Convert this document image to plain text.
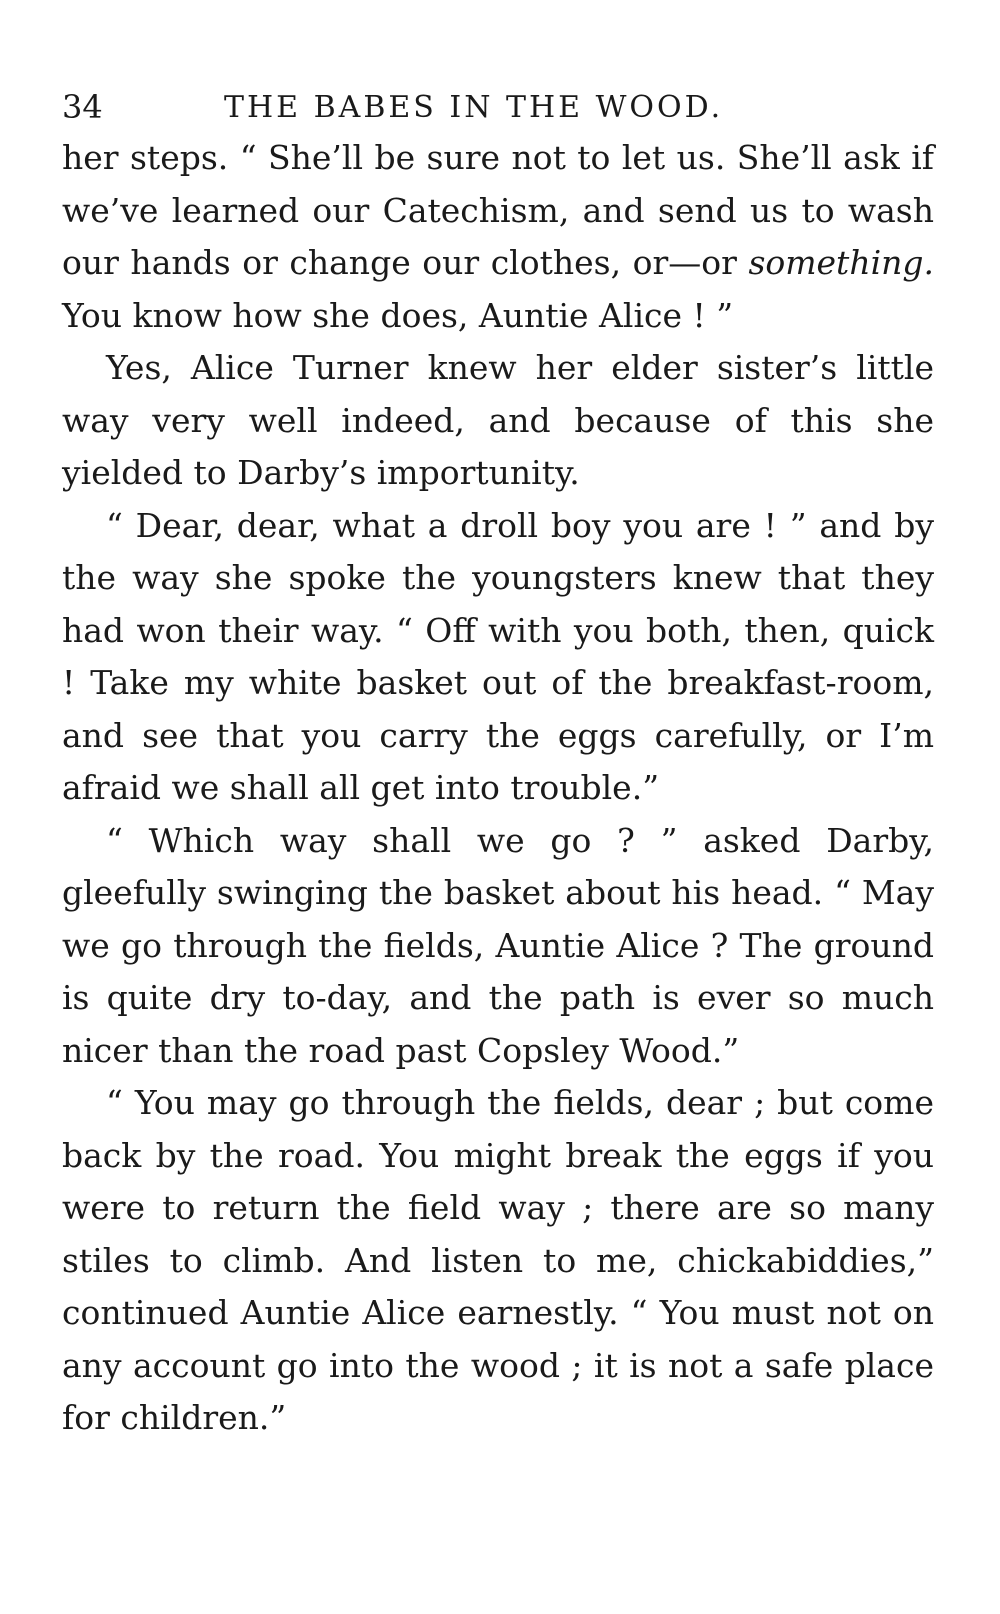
34	THE BABES IN THE WOOD.

her steps. “ She’ll be sure not to let us. She’ll ask if we’ve learned our Catechism, and send us to wash our hands or change our clothes, or—or something. You know how she does, Auntie Alice ! ”

Yes, Alice Turner knew her elder sister’s little way very well indeed, and because of this she yielded to Darby’s importunity.

“ Dear, dear, what a droll boy you are ! ” and by the way she spoke the youngsters knew that they had won their way. “ Off with you both, then, quick ! Take my white basket out of the breakfast-room, and see that you carry the eggs carefully, or I’m afraid we shall all get into trouble.”

“ Which way shall we go ? ” asked Darby, gleefully swinging the basket about his head. “ May we go through the fields, Auntie Alice ? The ground is quite dry to-day, and the path is ever so much nicer than the road past Copsley Wood.”

“ You may go through the fields, dear ; but come back by the road. You might break the eggs if you were to return the field way ; there are so many stiles to climb. And listen to me, chickabiddies,” continued Auntie Alice earnestly. “ You must not on any account go into the wood ; it is not a safe place for children.”
